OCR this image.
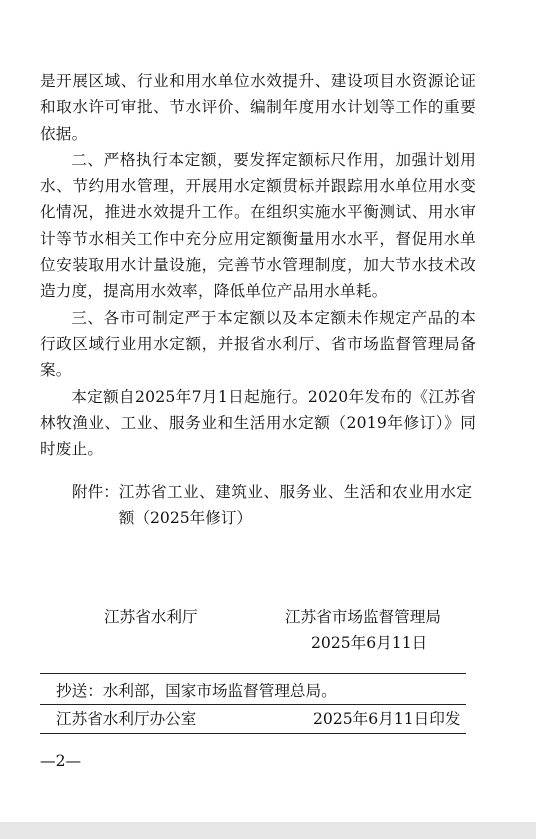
是开展区域、行业和用水单位水效提升、建设项目水资源论证和取水许可审批、节水评价、编制年度用水计划等工作的重要依据。

二、严格执行本定额，要发挥定额标尺作用，加强计划用水、节约用水管理，开展用水定额贯标并跟踪用水单位用水变化情况，推进水效提升工作。在组织实施水平衡测试、用水审计等节水相关工作中充分应用定额衡量用水水平，督促用水单位安装取用水计量设施，完善节水管理制度，加大节水技术改造力度，提高用水效率，降低单位产品用水单耗。

三、各市可制定严于本定额以及本定额未作规定产品的本行政区域行业用水定额，并报省水利厅、省市场监督管理局备案。

本定额自2025年7月1日起施行。2020年发布的《江苏省林牧渔业、工业、服务业和生活用水定额（2019年修订）》同时废止。

附件： 江苏省工业、建筑业、服务业、生活和农业用水定额（2025年修订）
江苏省水利厅	江苏省市场监督管理局
2025年6月11日
抄送：水利部，国家市场监督管理总局。
江苏省水利厅办公室	2025年6月11日印发
—2—
